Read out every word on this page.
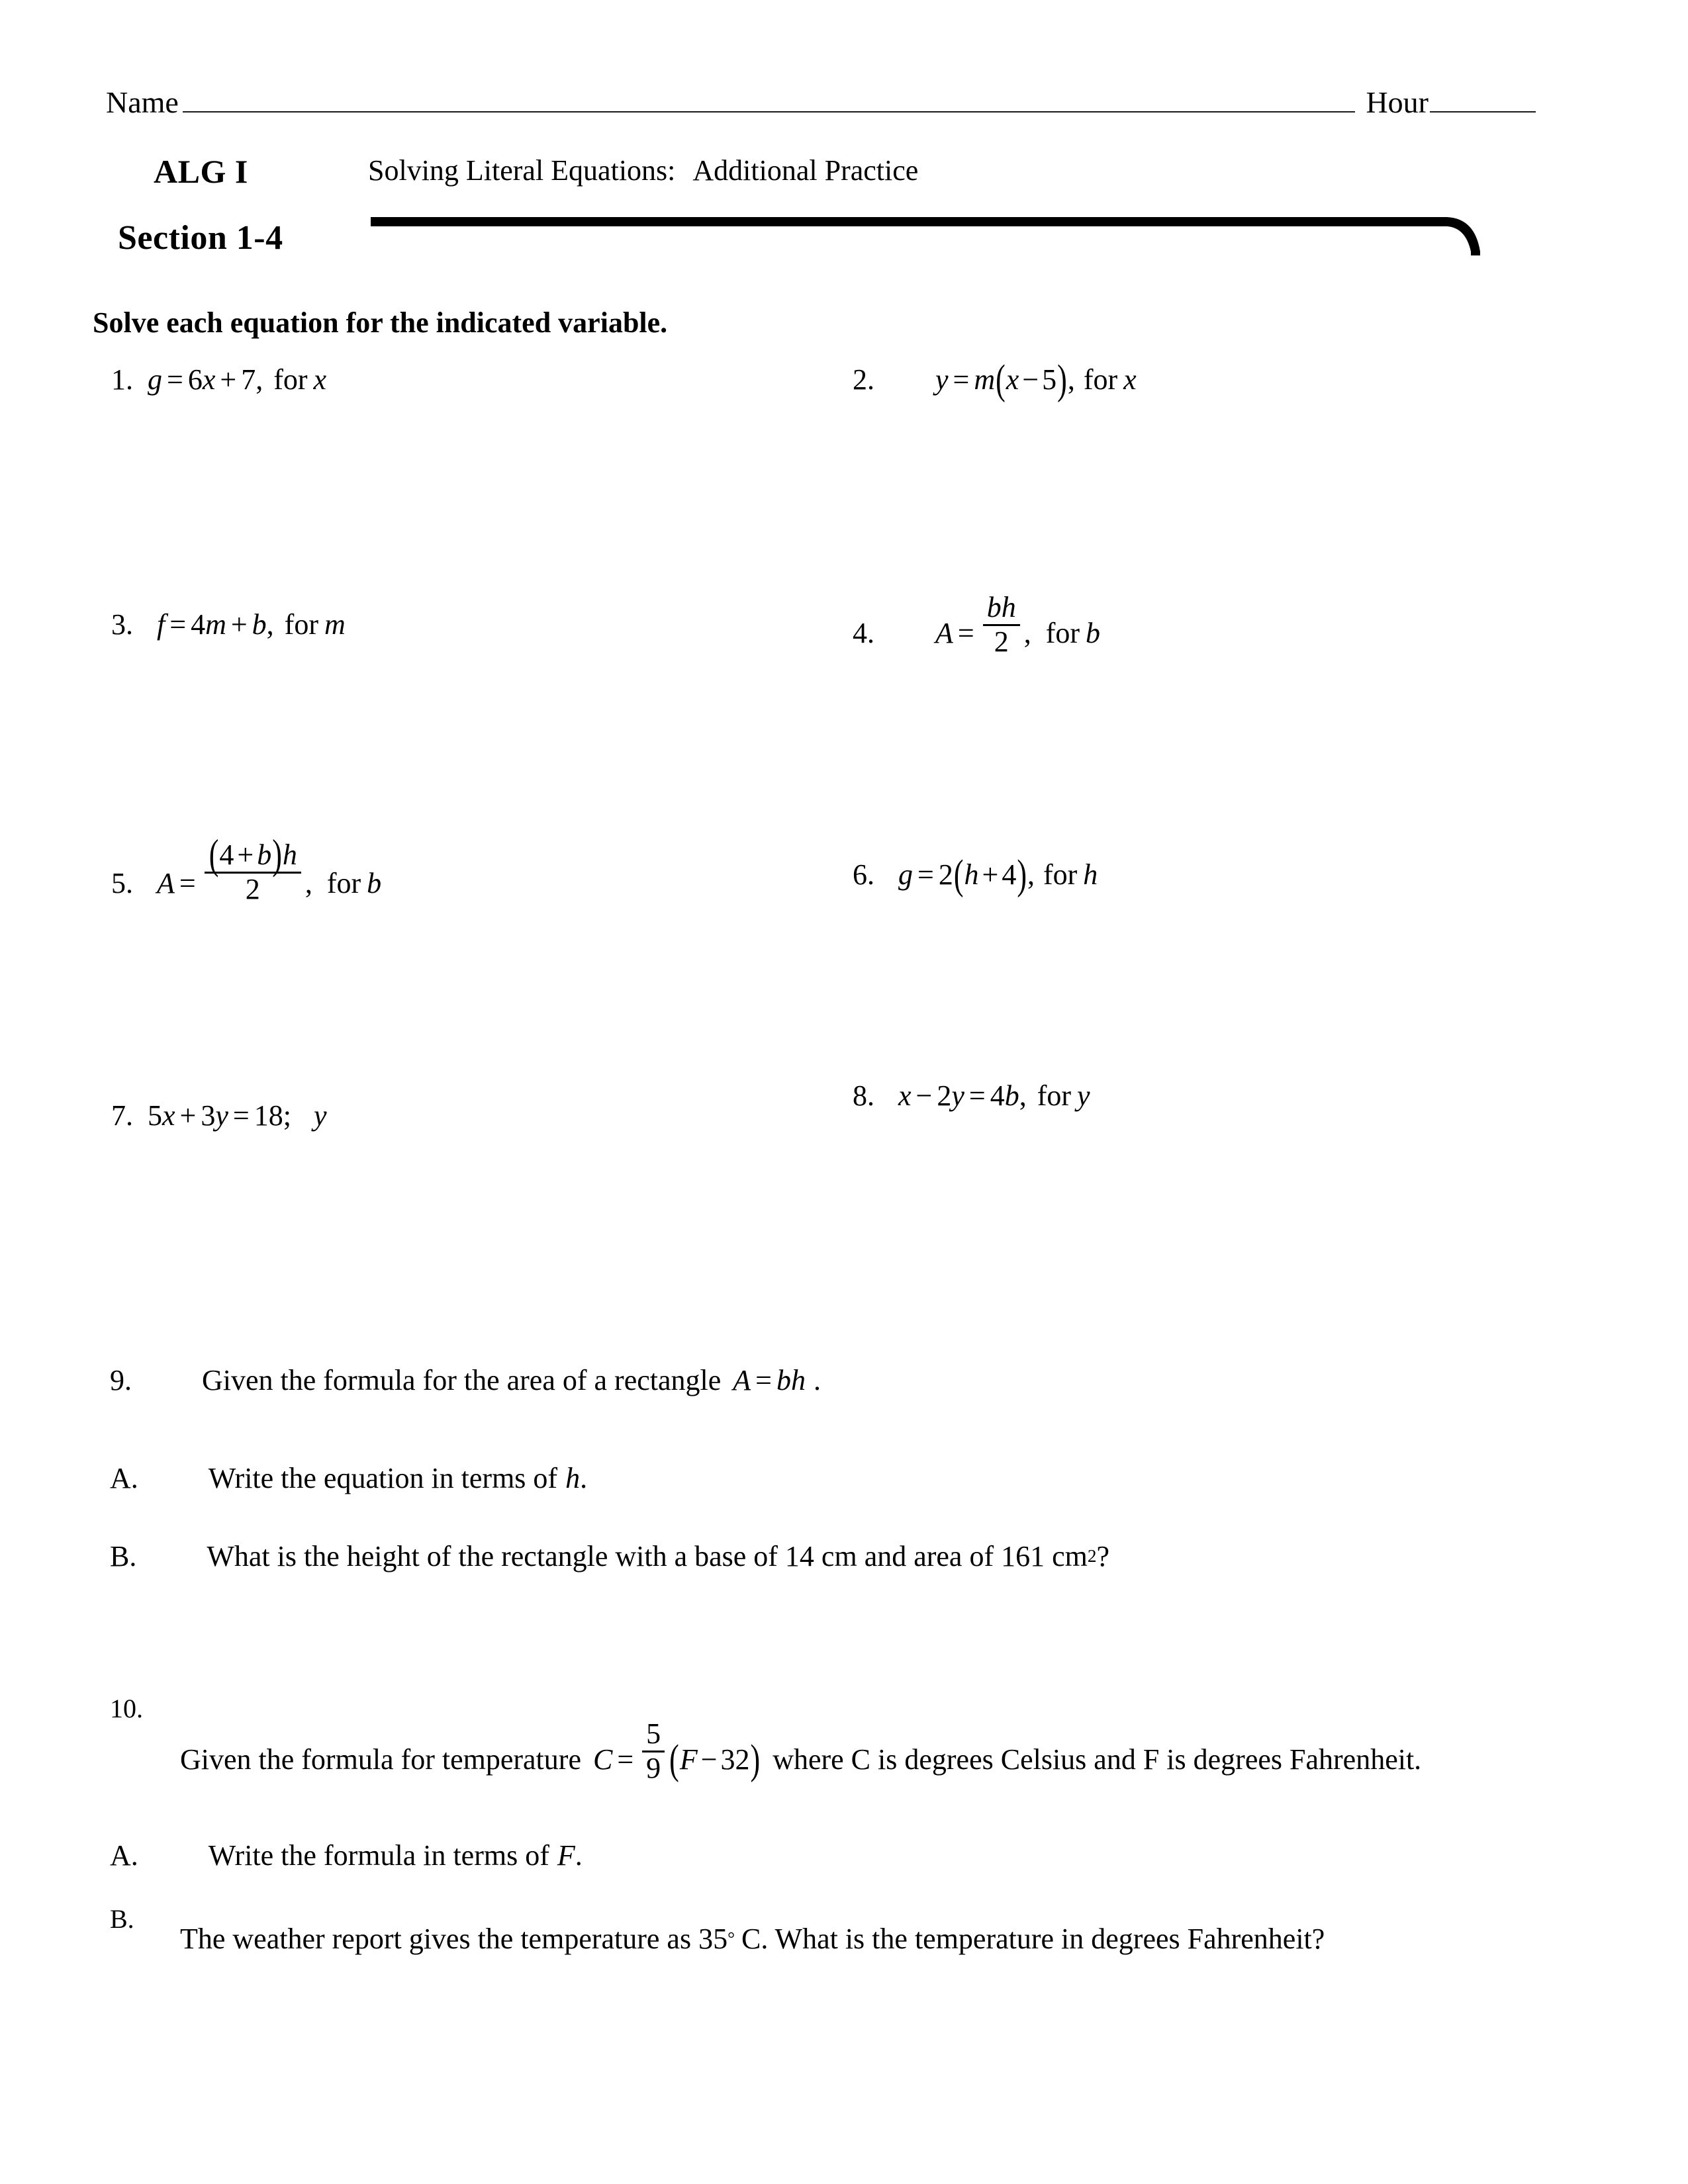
Name	Hour
ALG I
Section 1-4
Solving Literal Equations: Additional Practice
Solve each equation for the indicated variable.
1. g = 6 x + 7 , for x	2. y = m ( x − 5 ) , for x
3. f = 4 m + b , for m	4. $A = \frac{bh}{2}$ , for b
5. $A = \frac{(4 + b)h}{2}$ , for b	6. g = 2 ( h + 4 ) , for h
7. 5 x + 3 y = 18 ; y
8. x − 2 y = 4 b , for y
9. Given the formula for the area of a rectangle A = bh .
A. Write the equation in terms of h .
B. What is the height of the rectangle with a base of 14 cm and area of 161 cm 2 ?
10.
Given the formula for temperature $C = \frac{5}{9}$ ( F − 32 ) where C is degrees Celsius and F is degrees Fahrenheit.
A. Write the formula in terms of F .
B.
The weather report gives the temperature as 35 ° C. What is the temperature in degrees Fahrenheit?
